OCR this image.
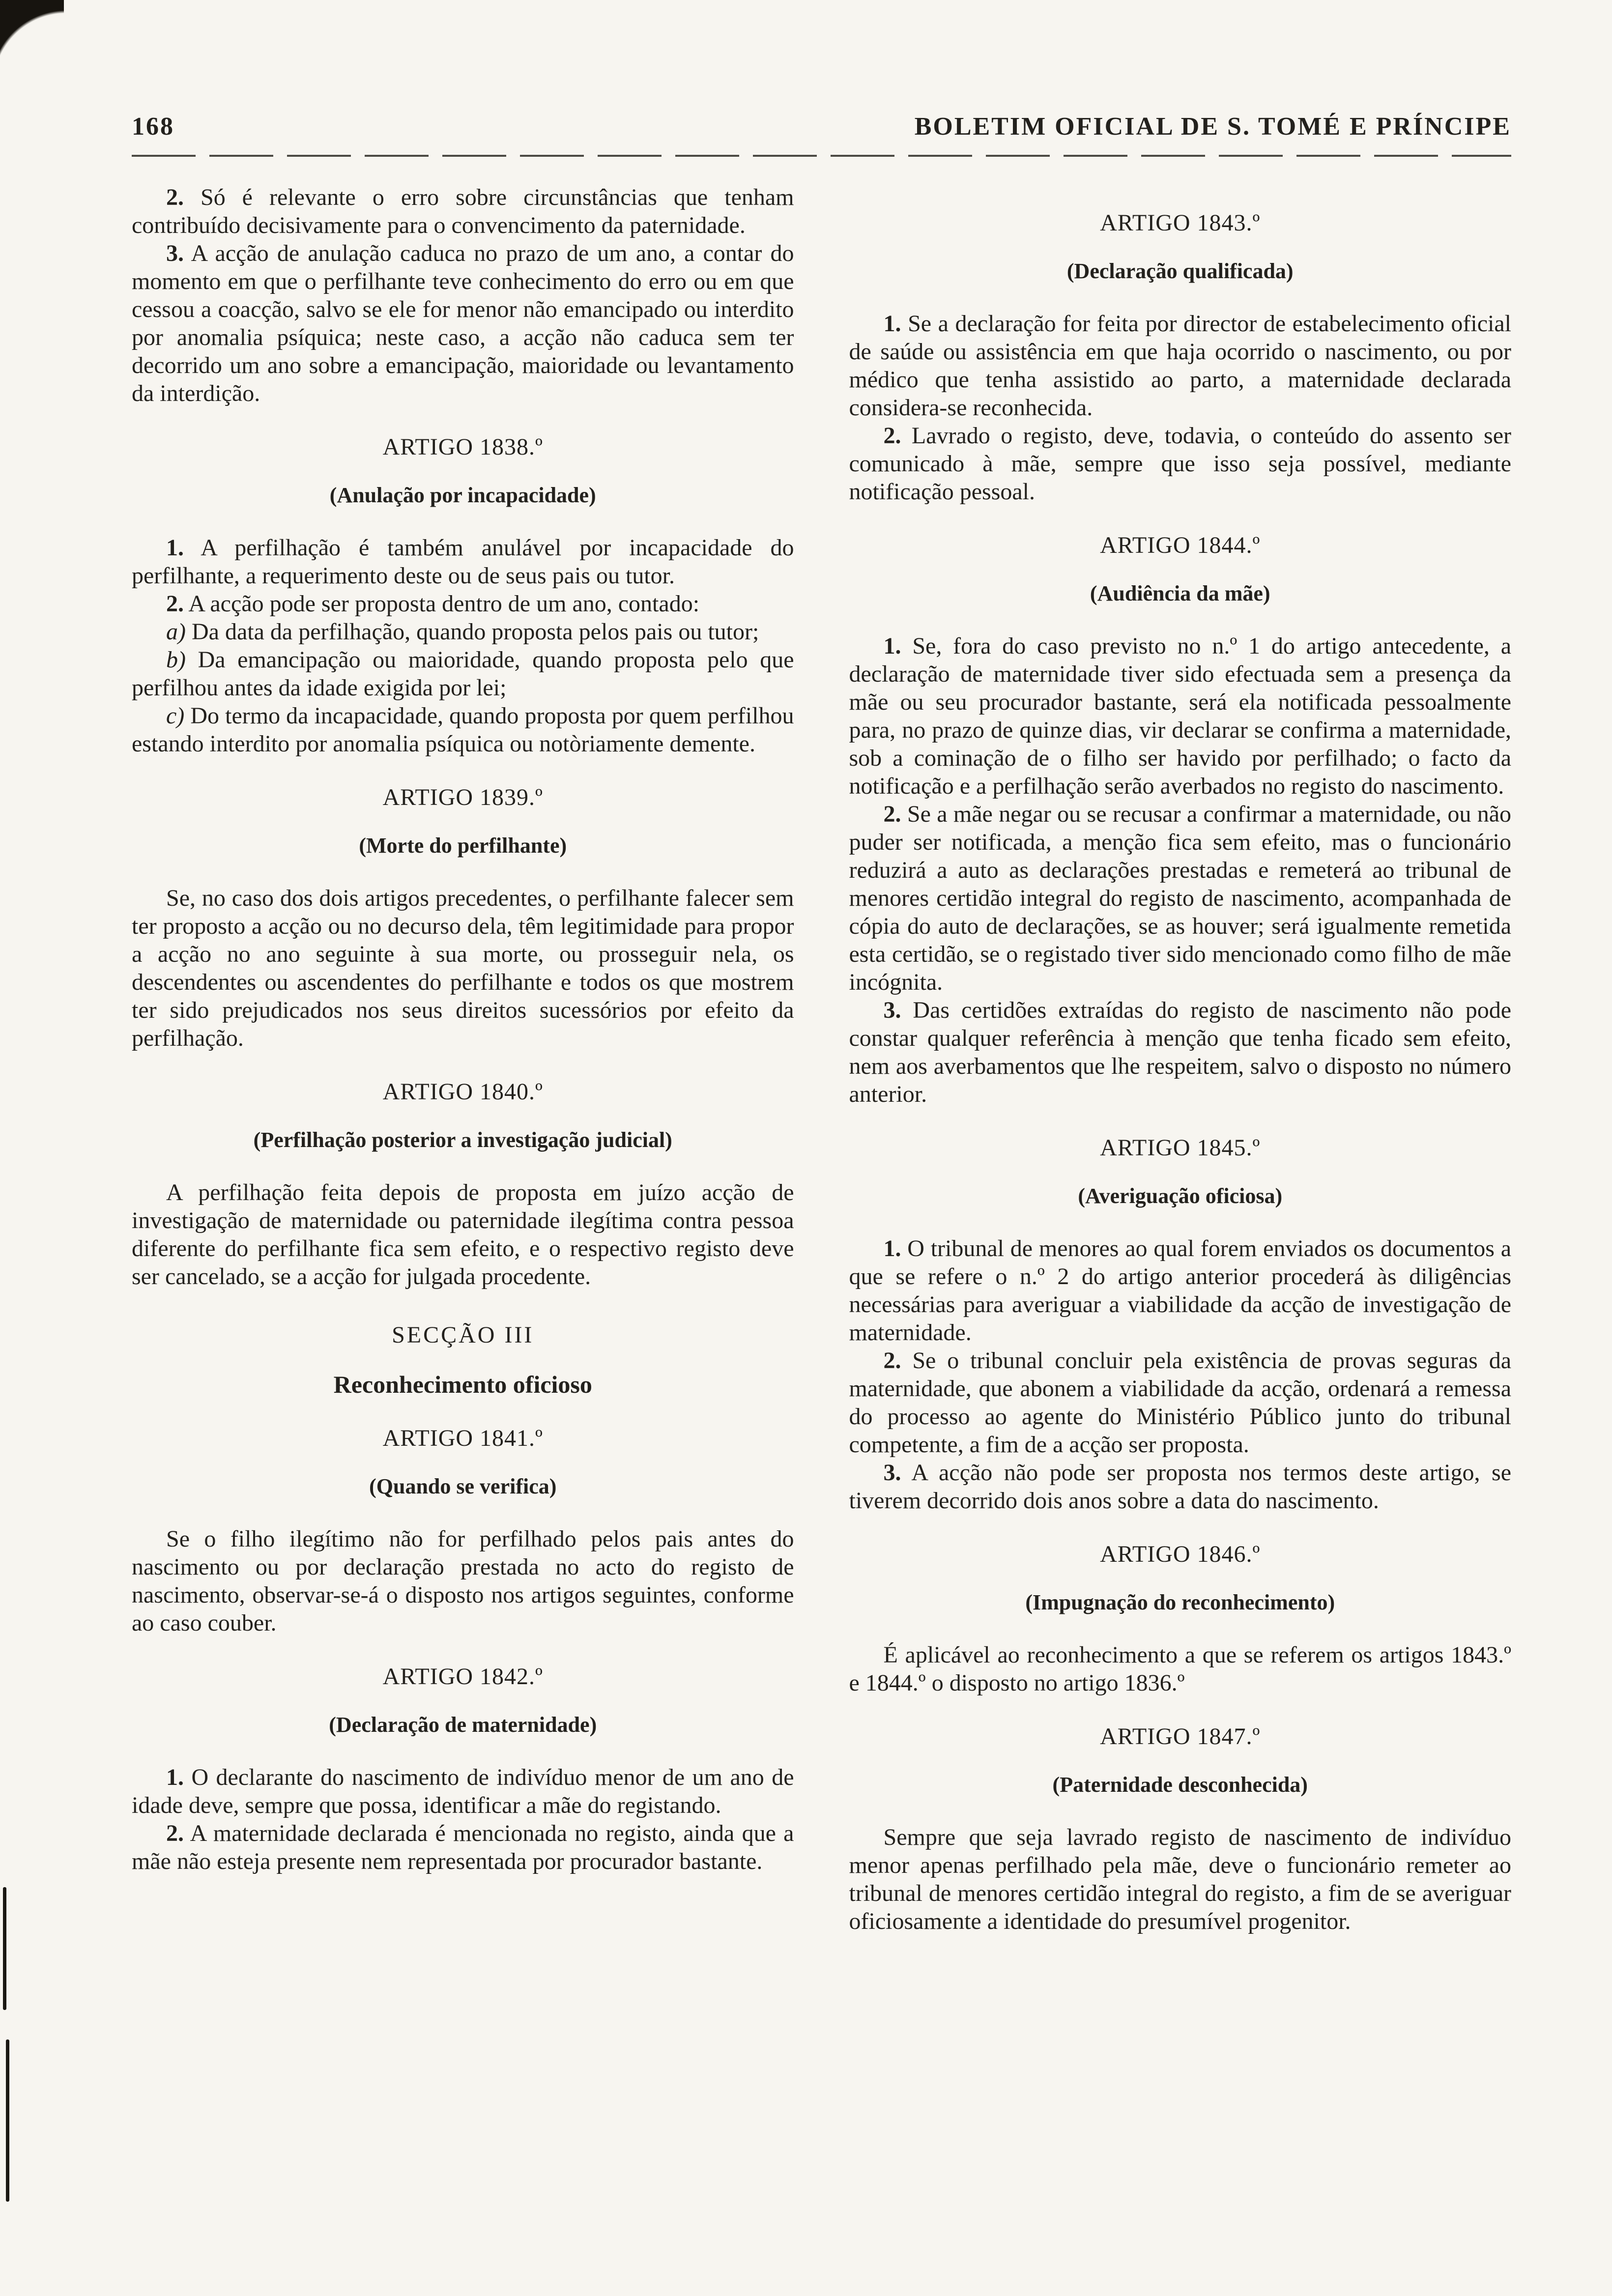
168	BOLETIM OFICIAL DE S. TOMÉ E PRÍNCIPE

2. Só é relevante o erro sobre circunstâncias que tenham contribuído decisivamente para o convencimento da paternidade.

3. A acção de anulação caduca no prazo de um ano, a contar do momento em que o perfilhante teve conhecimento do erro ou em que cessou a coacção, salvo se ele for menor não emancipado ou interdito por anomalia psíquica; neste caso, a acção não caduca sem ter decorrido um ano sobre a emancipação, maioridade ou levantamento da interdição.

ARTIGO 1838.º
(Anulação por incapacidade)

1. A perfilhação é também anulável por incapacidade do perfilhante, a requerimento deste ou de seus pais ou tutor.

2. A acção pode ser proposta dentro de um ano, contado:

a) Da data da perfilhação, quando proposta pelos pais ou tutor;

b) Da emancipação ou maioridade, quando proposta pelo que perfilhou antes da idade exigida por lei;

c) Do termo da incapacidade, quando proposta por quem perfilhou estando interdito por anomalia psíquica ou notòriamente demente.

ARTIGO 1839.º
(Morte do perfilhante)

Se, no caso dos dois artigos precedentes, o perfilhante falecer sem ter proposto a acção ou no decurso dela, têm legitimidade para propor a acção no ano seguinte à sua morte, ou prosseguir nela, os descendentes ou ascendentes do perfilhante e todos os que mostrem ter sido prejudicados nos seus direitos sucessórios por efeito da perfilhação.

ARTIGO 1840.º
(Perfilhação posterior a investigação judicial)

A perfilhação feita depois de proposta em juízo acção de investigação de maternidade ou paternidade ilegítima contra pessoa diferente do perfilhante fica sem efeito, e o respectivo registo deve ser cancelado, se a acção for julgada procedente.

SECÇÃO III
Reconhecimento oficioso
ARTIGO 1841.º
(Quando se verifica)

Se o filho ilegítimo não for perfilhado pelos pais antes do nascimento ou por declaração prestada no acto do registo de nascimento, observar-se-á o disposto nos artigos seguintes, conforme ao caso couber.

ARTIGO 1842.º
(Declaração de maternidade)

1. O declarante do nascimento de indivíduo menor de um ano de idade deve, sempre que possa, identificar a mãe do registando.

2. A maternidade declarada é mencionada no registo, ainda que a mãe não esteja presente nem representada por procurador bastante.

ARTIGO 1843.º
(Declaração qualificada)

1. Se a declaração for feita por director de estabelecimento oficial de saúde ou assistência em que haja ocorrido o nascimento, ou por médico que tenha assistido ao parto, a maternidade declarada considera-se reconhecida.

2. Lavrado o registo, deve, todavia, o conteúdo do assento ser comunicado à mãe, sempre que isso seja possível, mediante notificação pessoal.

ARTIGO 1844.º
(Audiência da mãe)

1. Se, fora do caso previsto no n.º 1 do artigo antecedente, a declaração de maternidade tiver sido efectuada sem a presença da mãe ou seu procurador bastante, será ela notificada pessoalmente para, no prazo de quinze dias, vir declarar se confirma a maternidade, sob a cominação de o filho ser havido por perfilhado; o facto da notificação e a perfilhação serão averbados no registo do nascimento.

2. Se a mãe negar ou se recusar a confirmar a maternidade, ou não puder ser notificada, a menção fica sem efeito, mas o funcionário reduzirá a auto as declarações prestadas e remeterá ao tribunal de menores certidão integral do registo de nascimento, acompanhada de cópia do auto de declarações, se as houver; será igualmente remetida esta certidão, se o registado tiver sido mencionado como filho de mãe incógnita.

3. Das certidões extraídas do registo de nascimento não pode constar qualquer referência à menção que tenha ficado sem efeito, nem aos averbamentos que lhe respeitem, salvo o disposto no número anterior.

ARTIGO 1845.º
(Averiguação oficiosa)

1. O tribunal de menores ao qual forem enviados os documentos a que se refere o n.º 2 do artigo anterior procederá às diligências necessárias para averiguar a viabilidade da acção de investigação de maternidade.

2. Se o tribunal concluir pela existência de provas seguras da maternidade, que abonem a viabilidade da acção, ordenará a remessa do processo ao agente do Ministério Público junto do tribunal competente, a fim de a acção ser proposta.

3. A acção não pode ser proposta nos termos deste artigo, se tiverem decorrido dois anos sobre a data do nascimento.

ARTIGO 1846.º
(Impugnação do reconhecimento)

É aplicável ao reconhecimento a que se referem os artigos 1843.º e 1844.º o disposto no artigo 1836.º

ARTIGO 1847.º
(Paternidade desconhecida)

Sempre que seja lavrado registo de nascimento de indivíduo menor apenas perfilhado pela mãe, deve o funcionário remeter ao tribunal de menores certidão integral do registo, a fim de se averiguar oficiosamente a identidade do presumível progenitor.
